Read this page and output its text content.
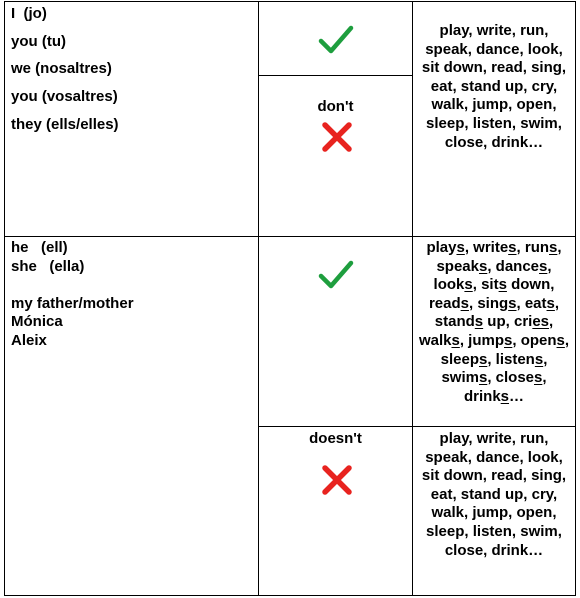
I  (jo)
you (tu)
we (nosaltres)
you (vosaltres)
they (ells/elles)
don't
play, write, run, speak, dance, look, sit down, read, sing, eat, stand up, cry, walk, jump, open, sleep, listen, swim, close, drink…
he   (ell)
she   (ella)
my father/mother
Mónica
Aleix
doesn't
plays, writes, runs, speaks, dances, looks, sits down, reads, sings, eats, stands up, cries, walks, jumps, opens, sleeps, listens, swims, closes, drinks…
play, write, run, speak, dance, look, sit down, read, sing, eat, stand up, cry, walk, jump, open, sleep, listen, swim, close, drink…
